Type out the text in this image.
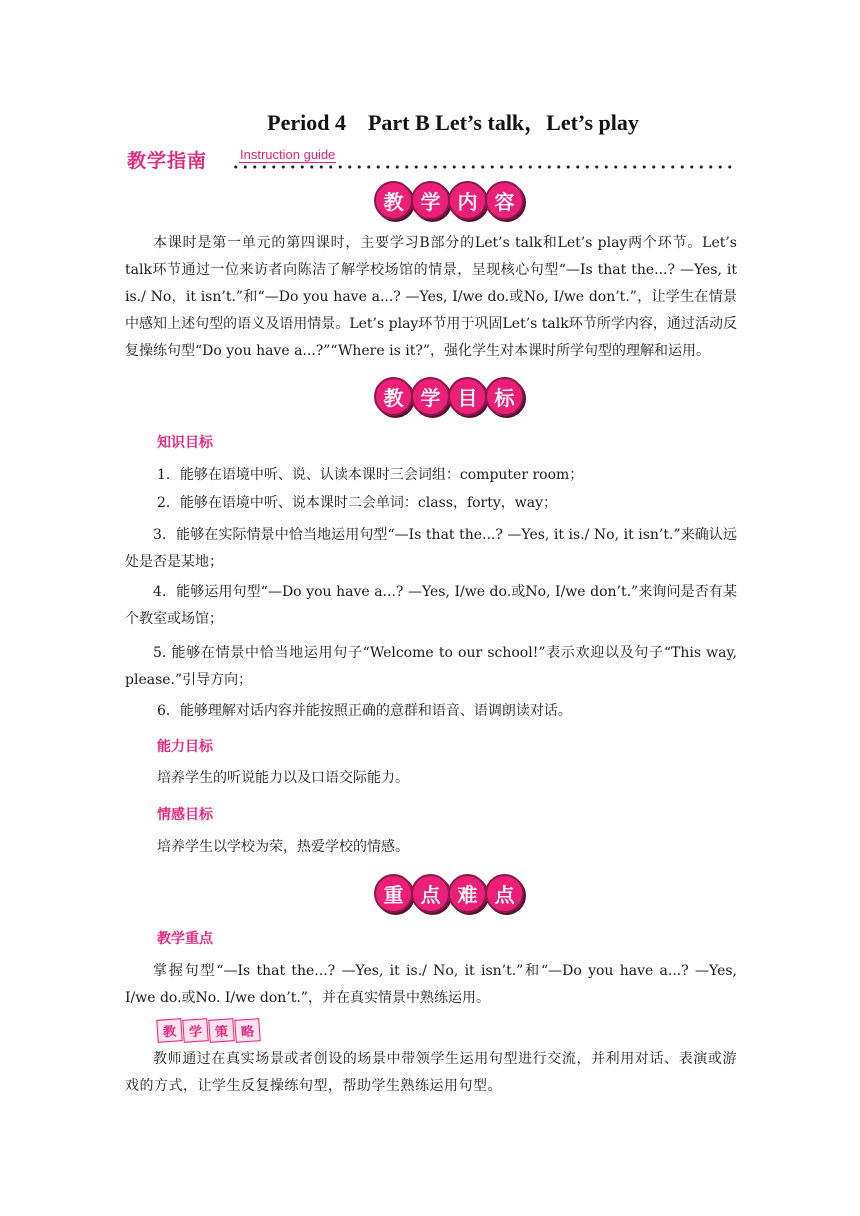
Period 4　Part B Let’s talk，Let’s play
教学指南	Instruction guide
教 学 内 容
本课时是第一单元的第四课时，主要学习B部分的Let’s talk和Let’s play两个环节。Let’s talk环节通过一位来访者向陈洁了解学校场馆的情景，呈现核心句型“—Is that the...? —Yes, it is./ No，it isn’t.”和“—Do you have a...? —Yes, I/we do.或No, I/we don’t.”，让学生在情景中感知上述句型的语义及语用情景。Let’s play环节用于巩固Let’s talk环节所学内容，通过活动反复操练句型“Do you have a...?”“Where is it?”，强化学生对本课时所学句型的理解和运用。
教 学 目 标
知识目标
1．能够在语境中听、说、认读本课时三会词组：computer room；
2．能够在语境中听、说本课时二会单词：class，forty，way；
3．能够在实际情景中恰当地运用句型“—Is that the...? —Yes, it is./ No, it isn’t.”来确认远处是否是某地；
4．能够运用句型“—Do you have a...? —Yes, I/we do.或No, I/we don’t.”来询问是否有某个教室或场馆；
5. 能够在情景中恰当地运用句子“Welcome to our school!”表示欢迎以及句子“This way, please.”引导方向；
6．能够理解对话内容并能按照正确的意群和语音、语调朗读对话。
能力目标
培养学生的听说能力以及口语交际能力。
情感目标
培养学生以学校为荣，热爱学校的情感。
重 点 难 点
教学重点
掌握句型“—Is that the...? —Yes, it is./ No, it isn’t.”和“—Do you have a...? —Yes, I/we do.或No. I/we don’t.”，并在真实情景中熟练运用。
教 学 策 略
教师通过在真实场景或者创设的场景中带领学生运用句型进行交流，并利用对话、表演或游戏的方式，让学生反复操练句型，帮助学生熟练运用句型。
